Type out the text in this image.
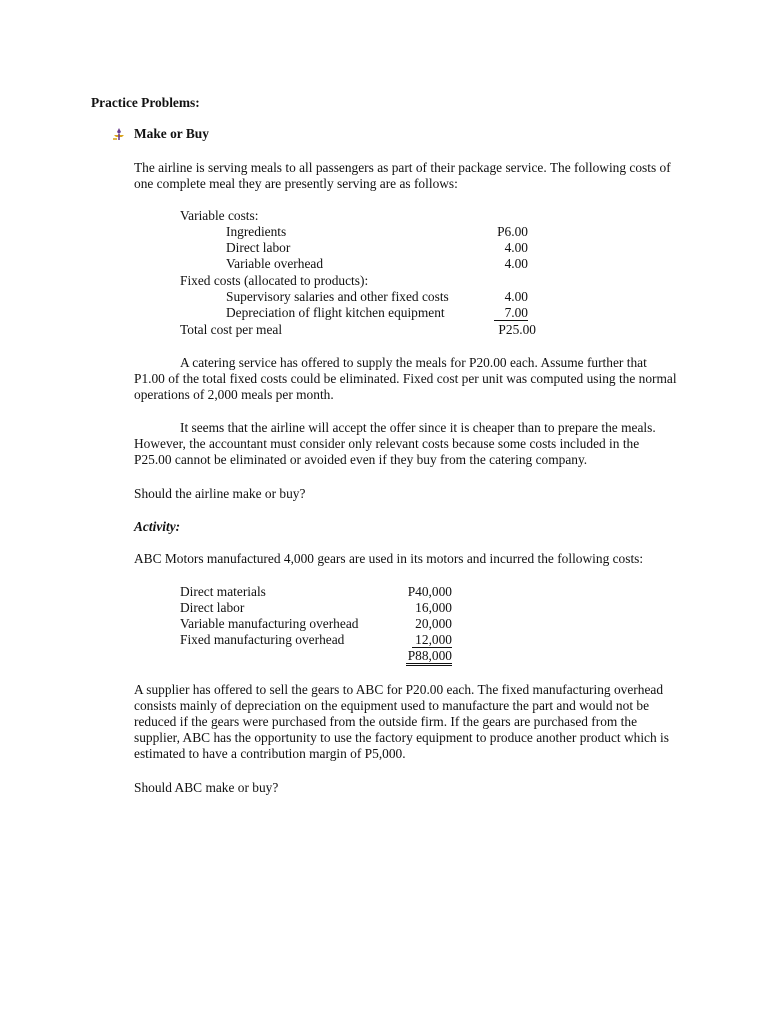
Practice Problems:
Make or Buy
The airline is serving meals to all passengers as part of their package service. The following costs of one complete meal they are presently serving are as follows:
Variable costs:
Ingredients	P6.00
Direct labor	4.00
Variable overhead	4.00
Fixed costs (allocated to products):
Supervisory salaries and other fixed costs	4.00
Depreciation of flight kitchen equipment	7.00
Total cost per meal	P25.00
A catering service has offered to supply the meals for P20.00 each. Assume further that P1.00 of the total fixed costs could be eliminated. Fixed cost per unit was computed using the normal operations of 2,000 meals per month.
It seems that the airline will accept the offer since it is cheaper than to prepare the meals. However, the accountant must consider only relevant costs because some costs included in the P25.00 cannot be eliminated or avoided even if they buy from the catering company.
Should the airline make or buy?
Activity:
ABC Motors manufactured 4,000 gears are used in its motors and incurred the following costs:
Direct materials	P40,000
Direct labor	16,000
Variable manufacturing overhead	20,000
Fixed manufacturing overhead	12,000
P88,000
A supplier has offered to sell the gears to ABC for P20.00 each. The fixed manufacturing overhead consists mainly of depreciation on the equipment used to manufacture the part and would not be reduced if the gears were purchased from the outside firm. If the gears are purchased from the supplier, ABC has the opportunity to use the factory equipment to produce another product which is estimated to have a contribution margin of P5,000.
Should ABC make or buy?
